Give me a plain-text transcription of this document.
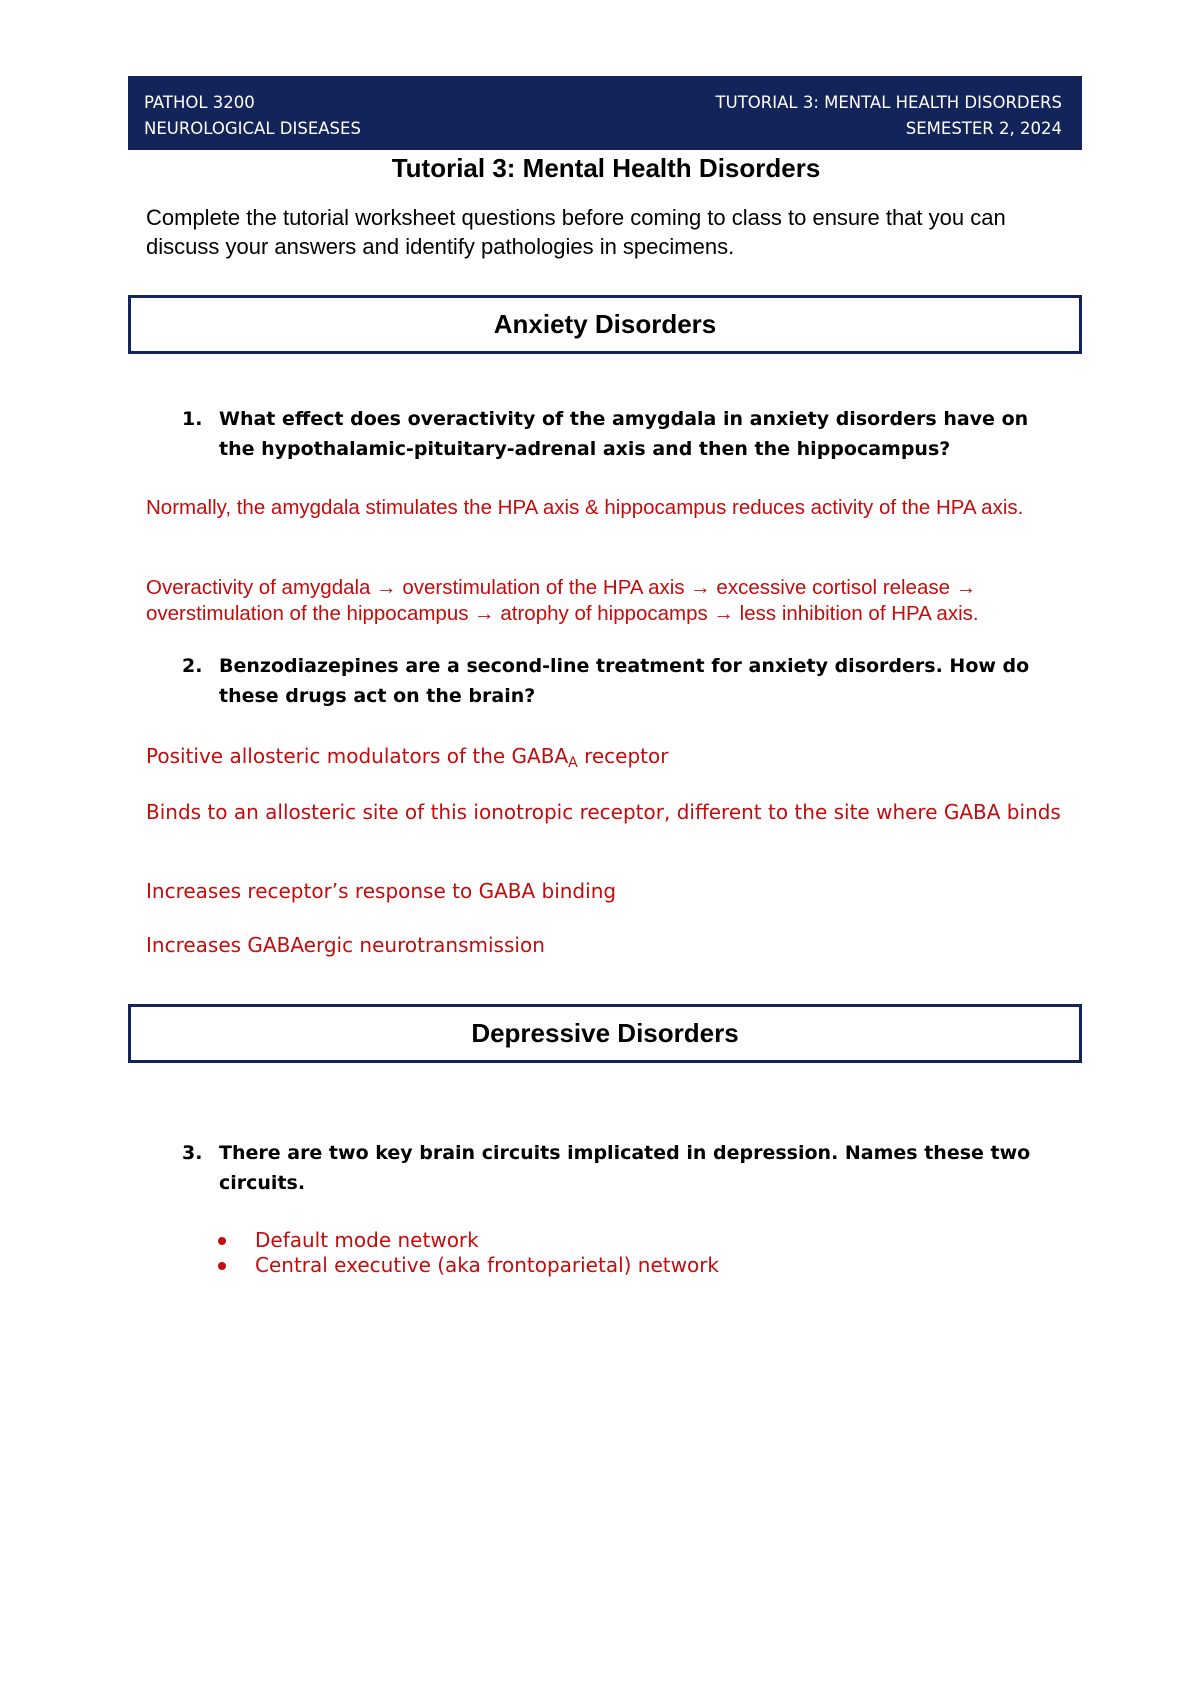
PATHOL 3200	TUTORIAL 3: MENTAL HEALTH DISORDERS
NEUROLOGICAL DISEASES	SEMESTER 2, 2024
Tutorial 3: Mental Health Disorders
Complete the tutorial worksheet questions before coming to class to ensure that you can discuss your answers and identify pathologies in specimens.
Anxiety Disorders
1. What effect does overactivity of the amygdala in anxiety disorders have on the hypothalamic-pituitary-adrenal axis and then the hippocampus?
Normally, the amygdala stimulates the HPA axis & hippocampus reduces activity of the HPA axis.
Overactivity of amygdala → overstimulation of the HPA axis → excessive cortisol release → overstimulation of the hippocampus → atrophy of hippocamps → less inhibition of HPA axis.
2. Benzodiazepines are a second-line treatment for anxiety disorders. How do these drugs act on the brain?
Positive allosteric modulators of the $GABA_A$ receptor
Binds to an allosteric site of this ionotropic receptor, different to the site where GABA binds
Increases receptor’s response to GABA binding
Increases GABAergic neurotransmission
Depressive Disorders
3. There are two key brain circuits implicated in depression. Names these two circuits.
Default mode network
Central executive (aka frontoparietal) network
